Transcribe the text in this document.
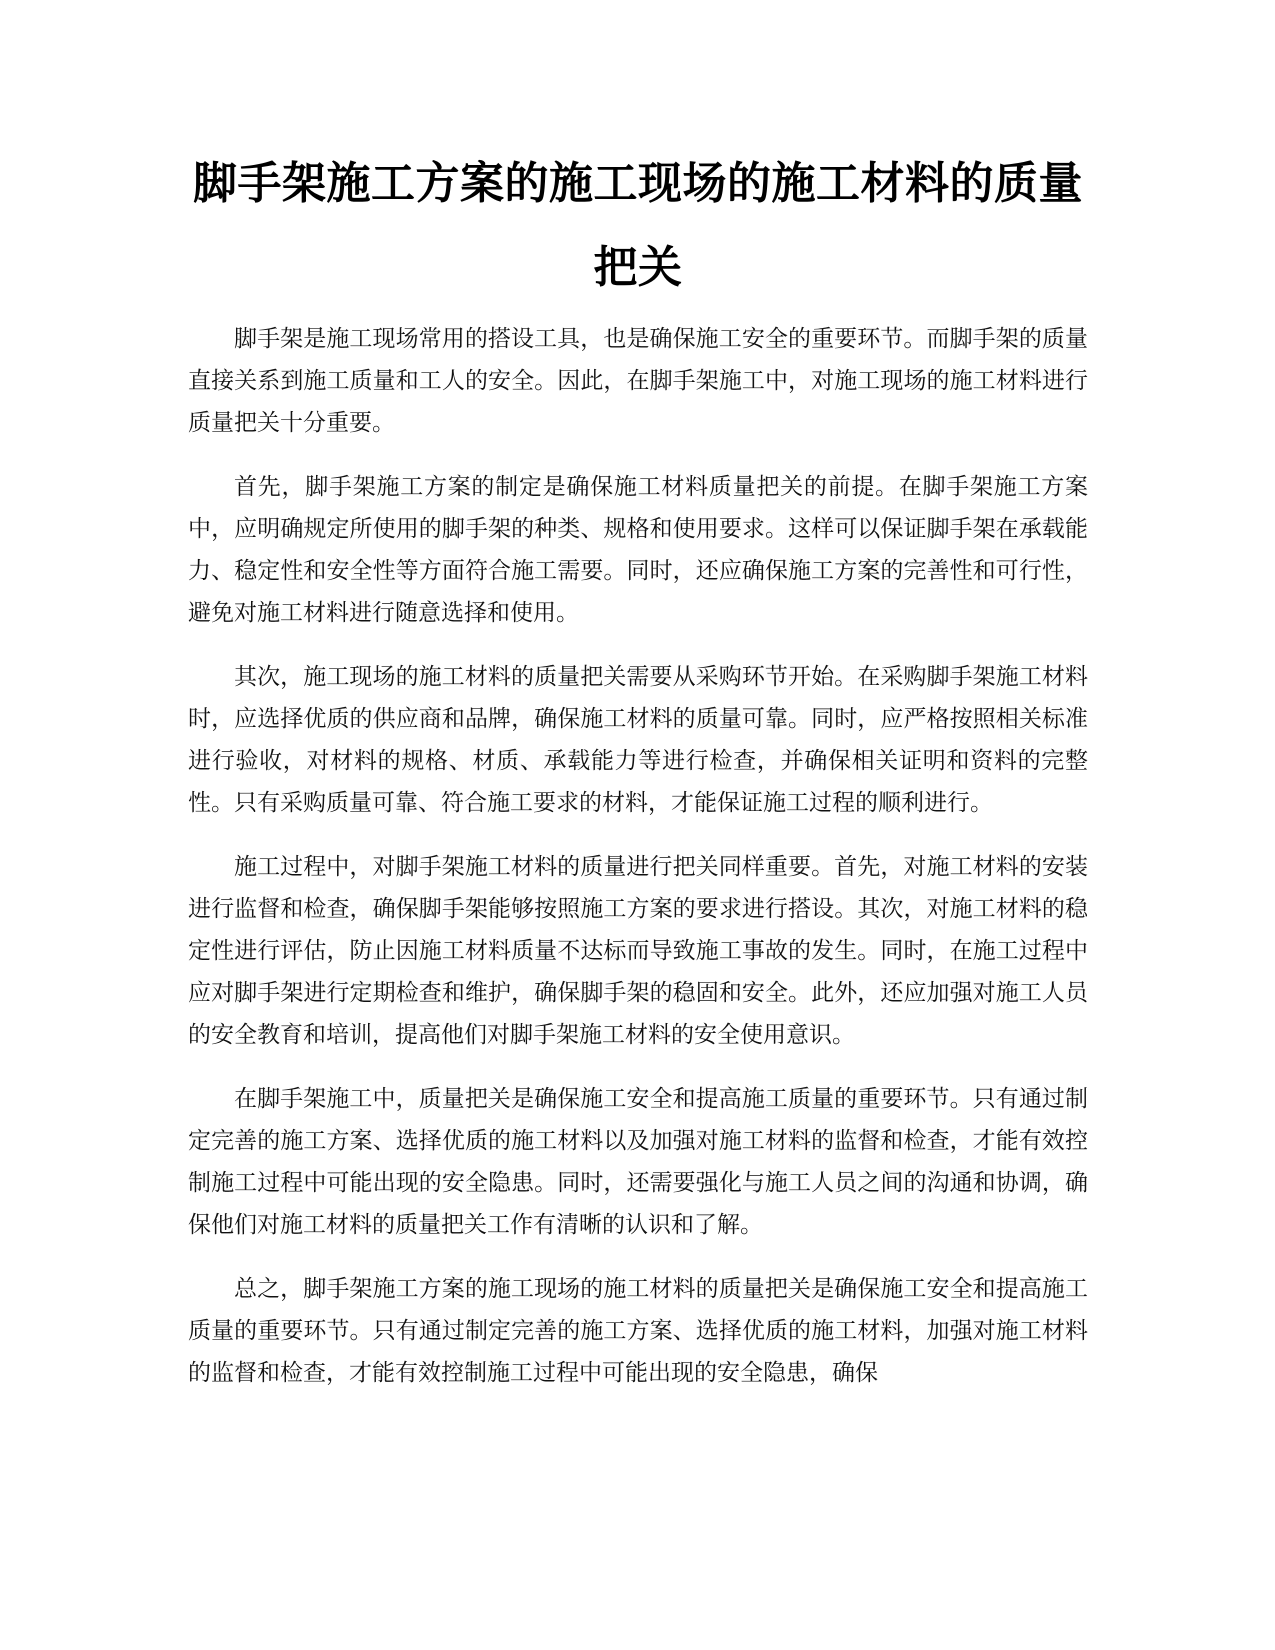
脚手架施工方案的施工现场的施工材料的质量把关

脚手架是施工现场常用的搭设工具，也是确保施工安全的重要环节。而脚手架的质量直接关系到施工质量和工人的安全。因此，在脚手架施工中，对施工现场的施工材料进行质量把关十分重要。

首先，脚手架施工方案的制定是确保施工材料质量把关的前提。在脚手架施工方案中，应明确规定所使用的脚手架的种类、规格和使用要求。这样可以保证脚手架在承载能力、稳定性和安全性等方面符合施工需要。同时，还应确保施工方案的完善性和可行性，避免对施工材料进行随意选择和使用。

其次，施工现场的施工材料的质量把关需要从采购环节开始。在采购脚手架施工材料时，应选择优质的供应商和品牌，确保施工材料的质量可靠。同时，应严格按照相关标准进行验收，对材料的规格、材质、承载能力等进行检查，并确保相关证明和资料的完整性。只有采购质量可靠、符合施工要求的材料，才能保证施工过程的顺利进行。

施工过程中，对脚手架施工材料的质量进行把关同样重要。首先，对施工材料的安装进行监督和检查，确保脚手架能够按照施工方案的要求进行搭设。其次，对施工材料的稳定性进行评估，防止因施工材料质量不达标而导致施工事故的发生。同时，在施工过程中应对脚手架进行定期检查和维护，确保脚手架的稳固和安全。此外，还应加强对施工人员的安全教育和培训，提高他们对脚手架施工材料的安全使用意识。

在脚手架施工中，质量把关是确保施工安全和提高施工质量的重要环节。只有通过制定完善的施工方案、选择优质的施工材料以及加强对施工材料的监督和检查，才能有效控制施工过程中可能出现的安全隐患。同时，还需要强化与施工人员之间的沟通和协调，确保他们对施工材料的质量把关工作有清晰的认识和了解。

总之，脚手架施工方案的施工现场的施工材料的质量把关是确保施工安全和提高施工质量的重要环节。只有通过制定完善的施工方案、选择优质的施工材料，加强对施工材料的监督和检查，才能有效控制施工过程中可能出现的安全隐患，确保
